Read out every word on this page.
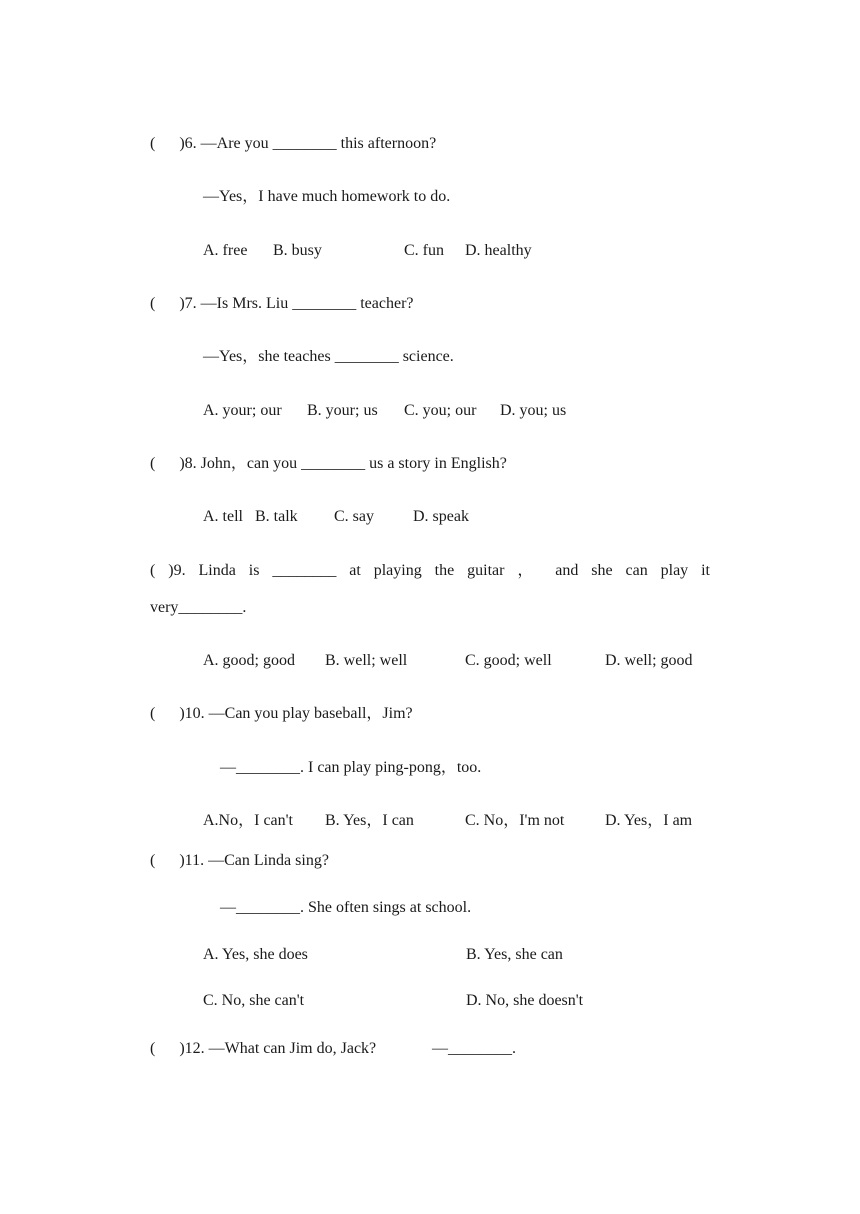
(      )6. —Are you ________ this afternoon?
—Yes，I have much homework to do.
A. free B. busy	C. fun D. healthy
(      )7. —Is Mrs. Liu ________ teacher?
—Yes，she teaches ________ science.
A. your; our B. your; us C. you; our D. you; us
(      )8. John，can you ________ us a story in English?
A. tell B. talk C. say D. speak
( )9. Linda is ________ at playing the guitar ， and she can play it
very________.
A. good; good B. well; well	C. good; well	D. well; good
(      )10. —Can you play baseball，Jim?
—________. I can play ping-pong，too.
A.No，I can't B. Yes，I can	C. No，I'm not	D. Yes，I am
(      )11. —Can Linda sing?
—________. She often sings at school.
A. Yes, she does	B. Yes, she can
C. No, she can't	D. No, she doesn't
(      )12. —What can Jim do, Jack?	—________.
